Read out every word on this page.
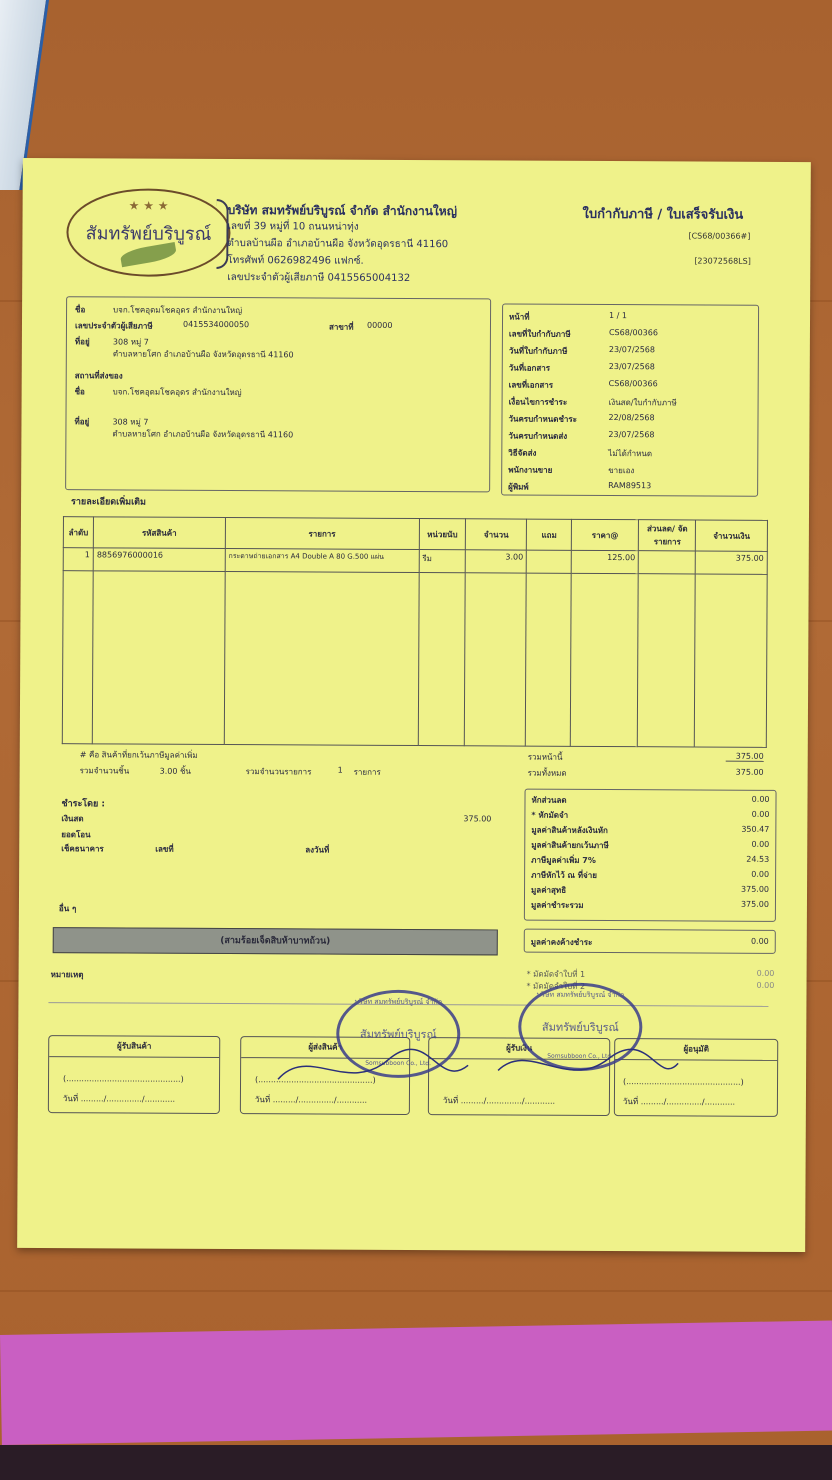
★ ★ ★
สัมทรัพย์บริบูรณ์
บริษัท สมทรัพย์บริบูรณ์ จำกัด สำนักงานใหญ่
เลขที่ 39 หมู่ที่ 10 ถนนหน่าทุ่ง
ตำบลบ้านผือ อำเภอบ้านผือ จังหวัดอุดรธานี 41160
โทรศัพท์ 0626982496 แฟกซ์.
เลขประจำตัวผู้เสียภาษี 0415565004132
ใบกำกับภาษี / ใบเสร็จรับเงิน
[CS68/00366#]
[23072568LS]
ชื่อ	บจก.โชคอุดมโชคอุดร สำนักงานใหญ่
เลขประจำตัวผู้เสียภาษี	0415534000050	สาขาที่ 00000
ที่อยู่	308 หมู่ 7
ตำบลหายโศก อำเภอบ้านผือ จังหวัดอุดรธานี 41160
สถานที่ส่งของ
ชื่อ	บจก.โชคอุดมโชคอุดร สำนักงานใหญ่
ที่อยู่	308 หมู่ 7
ตำบลหายโศก อำเภอบ้านผือ จังหวัดอุดรธานี 41160
หน้าที่	1 / 1
เลขที่ใบกำกับภาษี	CS68/00366
วันที่ใบกำกับภาษี	23/07/2568
วันที่เอกสาร	23/07/2568
เลขที่เอกสาร	CS68/00366
เงื่อนไขการชำระ	เงินสด/ใบกำกับภาษี
วันครบกำหนดชำระ	22/08/2568
วันครบกำหนดส่ง	23/07/2568
วิธีจัดส่ง	ไม่ได้กำหนด
พนักงานขาย	ขายเอง
ผู้พิมพ์	RAM89513
รายละเอียดเพิ่มเติม
ลำดับ	รหัสสินค้า	รายการ	หน่วยนับ	จำนวน	แถม	ราคา@	ส่วนลด/ จัดรายการ	จำนวนเงิน
1	8856976000016	กระดาษถ่ายเอกสาร A4 Double A 80 G.500 แผ่น	รีม	3.00		125.00		375.00

# คือ สินค้าที่ยกเว้นภาษีมูลค่าเพิ่ม
รวมจำนวนชิ้น	3.00 ชิ้น	รวมจำนวนรายการ	1 รายการ
รวมหน้านี้	375.00
รวมทั้งหมด	375.00
ชำระโดย :
เงินสด	375.00
ยอดโอน
เช็คธนาคาร	เลขที่	ลงวันที่
อื่น ๆ
(สามร้อยเจ็ดสิบห้าบาทถ้วน)
หมายเหตุ
หักส่วนลด	0.00
* หักมัดจำ	0.00
มูลค่าสินค้าหลังเงินหัก	350.47
มูลค่าสินค้ายกเว้นภาษี	0.00
ภาษีมูลค่าเพิ่ม 7%	24.53
ภาษีหักไว้ ณ ที่จ่าย	0.00
มูลค่าสุทธิ	375.00
มูลค่าชำระรวม	375.00
มูลค่าคงค้างชำระ	0.00
* มัดมัดจำใบที่ 1	0.00
* มัดมัดจำใบที่ 2	0.00
ผู้รับสินค้า
(.............................................)
วันที่ ........./............../............
ผู้ส่งสินค้า
(.............................................)
วันที่ ........./............../............
ผู้รับเงิน
วันที่ ........./............../............
ผู้อนุมัติ
(.............................................)
วันที่ ........./............../............
บริษัท สมทรัพย์บริบูรณ์ จำกัด
สัมทรัพย์บริบูรณ์
Somsubboon Co., Ltd.
บริษัท สมทรัพย์บริบูรณ์ จำกัด
สัมทรัพย์บริบูรณ์
Somsubboon Co., Ltd.
